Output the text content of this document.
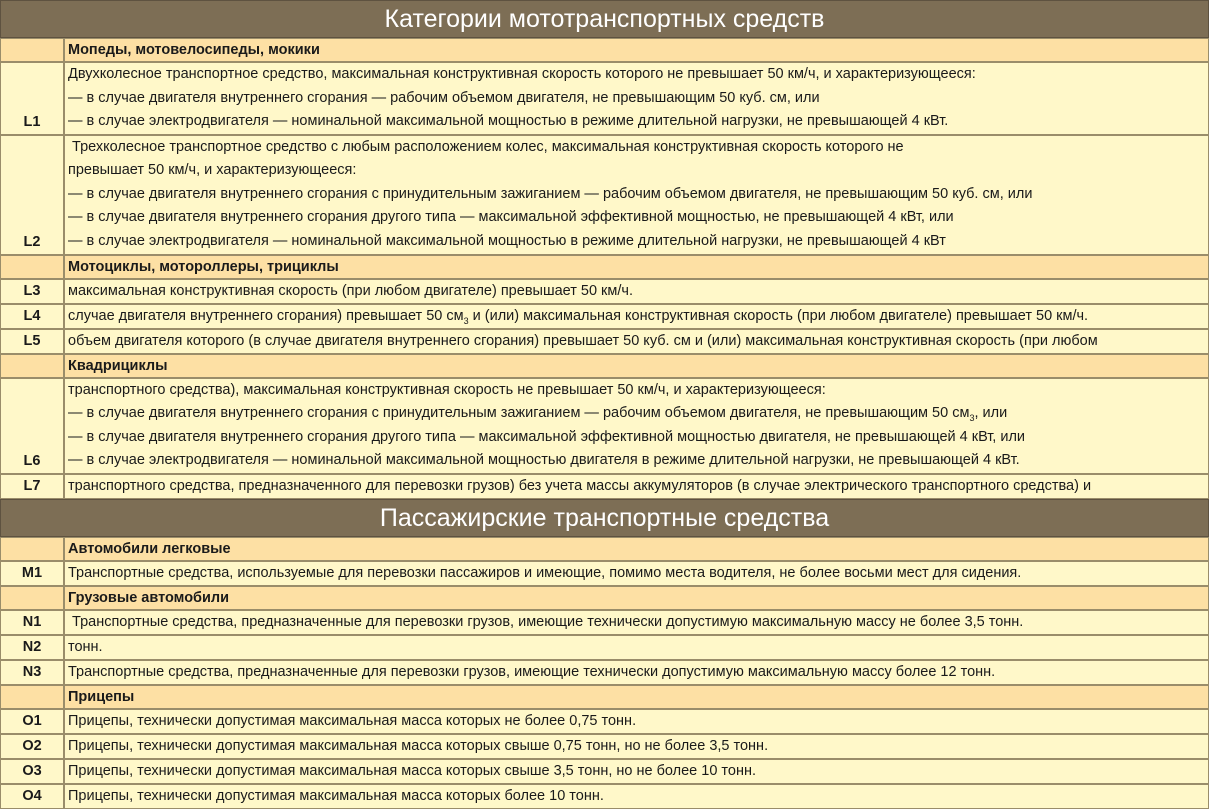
Категории мототранспортных средств	
	Мопеды, мотовелосипеды, мокики
L1	Двухколесное транспортное средство, максимальная конструктивная скорость которого не превышает 50 км/ч, и характеризующееся:
— в случае двигателя внутреннего сгорания — рабочим объемом двигателя, не превышающим 50 куб. см, или
— в случае электродвигателя — номинальной максимальной мощностью в режиме длительной нагрузки, не превышающей 4 кВт.

L2	Трехколесное транспортное средство с любым расположением колес, максимальная конструктивная скорость которого не
превышает 50 км/ч, и характеризующееся:
— в случае двигателя внутреннего сгорания с принудительным зажиганием — рабочим объемом двигателя, не превышающим 50 куб. см, или
— в случае двигателя внутреннего сгорания другого типа — максимальной эффективной мощностью, не превышающей 4 кВт, или
— в случае электродвигателя — номинальной максимальной мощностью в режиме длительной нагрузки, не превышающей 4 кВт

	Мотоциклы, мотороллеры, трициклы
L3	максимальная конструктивная скорость (при любом двигателе) превышает 50 км/ч.
L4	случае двигателя внутреннего сгорания) превышает 50 $см_3$ и (или) максимальная конструктивная скорость (при любом двигателе) превышает 50 км/ч.
L5	объем двигателя которого (в случае двигателя внутреннего сгорания) превышает 50 куб. см и (или) максимальная конструктивная скорость (при любом
	Квадрициклы
L6	транспортного средства), максимальная конструктивная скорость не превышает 50 км/ч, и характеризующееся:
— в случае двигателя внутреннего сгорания с принудительным зажиганием — рабочим объемом двигателя, не превышающим 50 $см_3$, или
— в случае двигателя внутреннего сгорания другого типа — максимальной эффективной мощностью двигателя, не превышающей 4 кВт, или
— в случае электродвигателя — номинальной максимальной мощностью двигателя в режиме длительной нагрузки, не превышающей 4 кВт.

L7	транспортного средства, предназначенного для перевозки грузов) без учета массы аккумуляторов (в случае электрического транспортного средства) и
Пассажирские транспортные средства	
	Автомобили легковые
M1	Транспортные средства, используемые для перевозки пассажиров и имеющие, помимо места водителя, не более восьми мест для сидения.
	Грузовые автомобили
N1	Транспортные средства, предназначенные для перевозки грузов, имеющие технически допустимую максимальную массу не более 3,5 тонн.
N2	тонн.
N3	Транспортные средства, предназначенные для перевозки грузов, имеющие технически допустимую максимальную массу более 12 тонн.
	Прицепы
O1	Прицепы, технически допустимая максимальная масса которых не более 0,75 тонн.
O2	Прицепы, технически допустимая максимальная масса которых свыше 0,75 тонн, но не более 3,5 тонн.
O3	Прицепы, технически допустимая максимальная масса которых свыше 3,5 тонн, но не более 10 тонн.
O4	Прицепы, технически допустимая максимальная масса которых более 10 тонн.
